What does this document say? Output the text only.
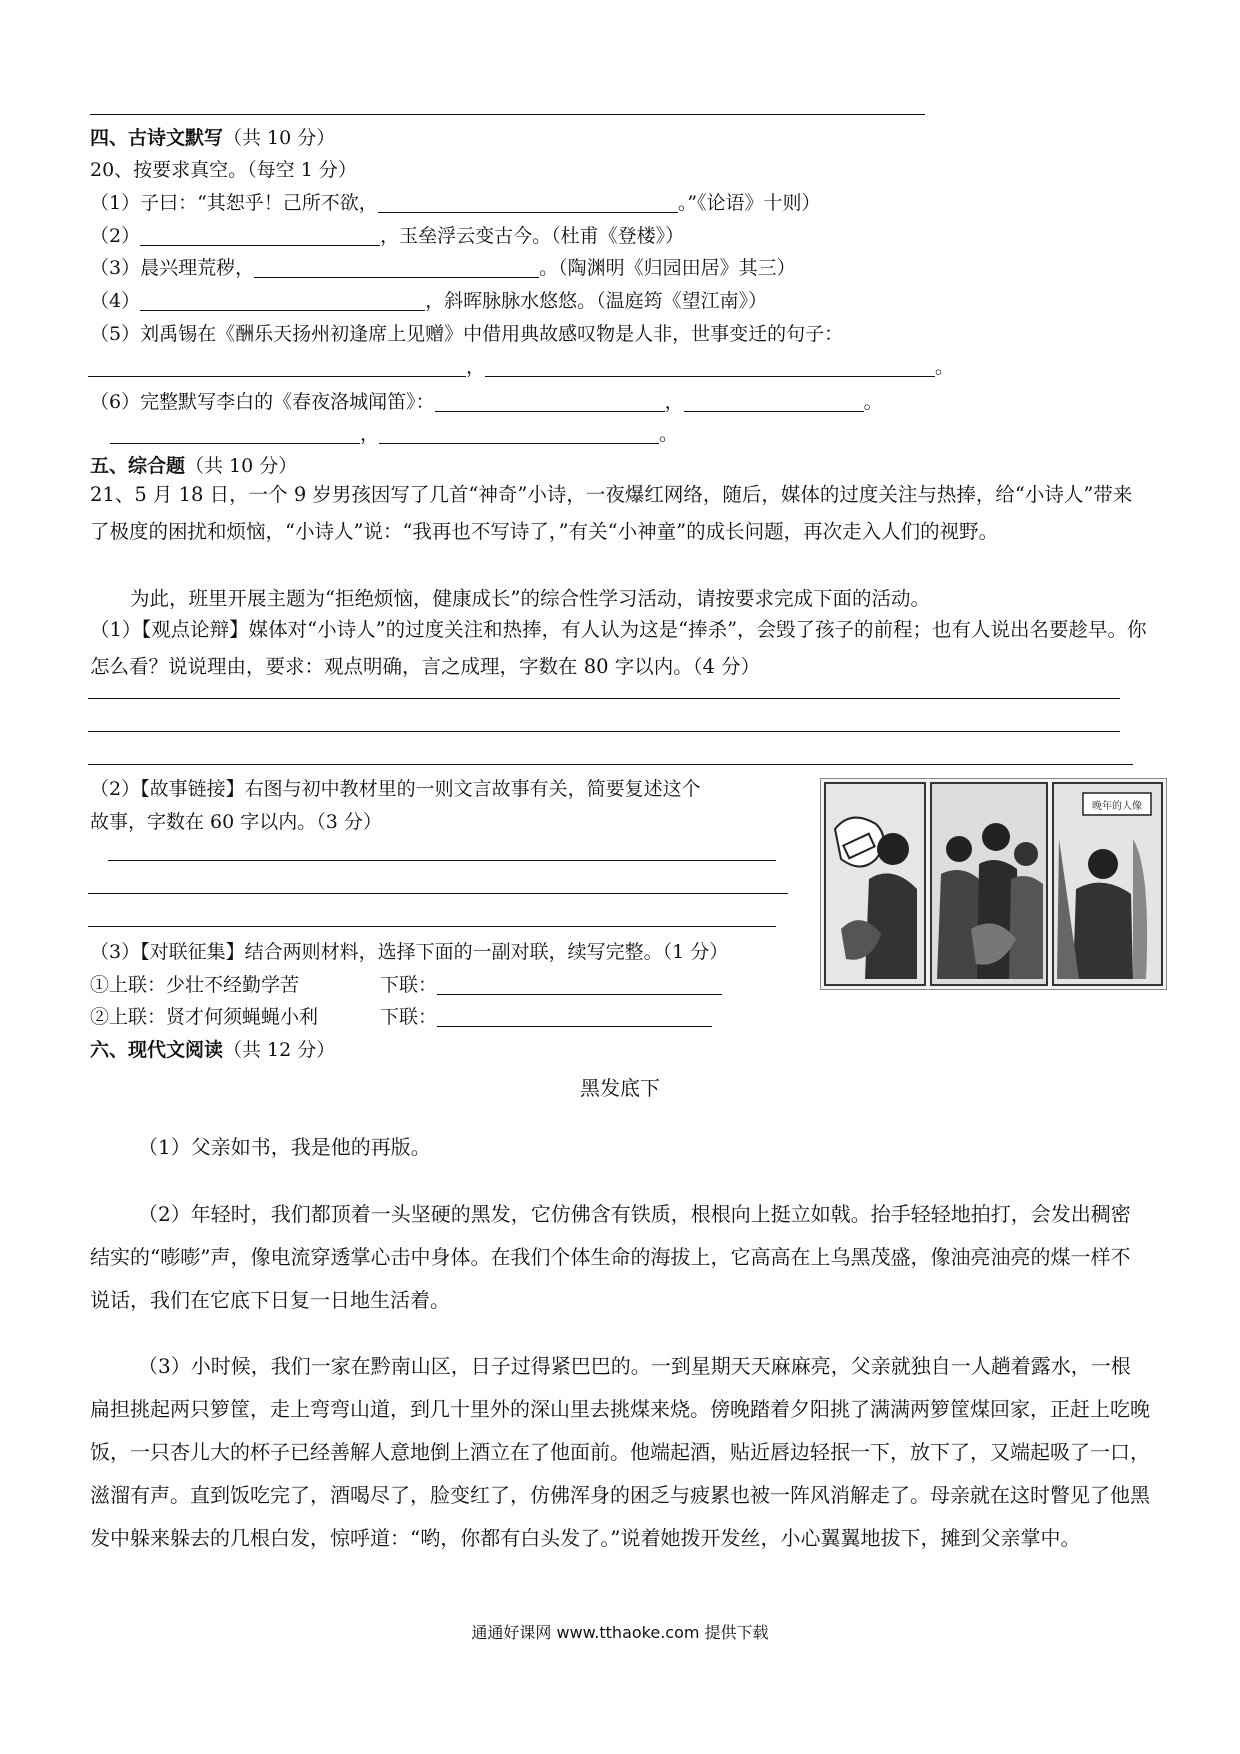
四、古诗文默写（共 10 分）
20、按要求真空。（每空 1 分）
（1）子曰：“其恕乎！己所不欲，	。”《论语》十则）
（2）	，玉垒浮云变古今。（杜甫《登楼》）
（3）晨兴理荒秽，	。（陶渊明《归园田居》其三）
（4）	，斜晖脉脉水悠悠。（温庭筠《望江南》）
（5）刘禹锡在《酬乐天扬州初逢席上见赠》中借用典故感叹物是人非，世事变迁的句子：
，	。
（6）完整默写李白的《春夜洛城闻笛》：	，	。
，	。
五、综合题（共 10 分）
21、5 月 18 日，一个 9 岁男孩因写了几首“神奇”小诗，一夜爆红网络，随后，媒体的过度关注与热捧，给“小诗人”带来了极度的困扰和烦恼，“小诗人”说：“我再也不写诗了，”有关“小神童”的成长问题，再次走入人们的视野。
为此，班里开展主题为“拒绝烦恼，健康成长”的综合性学习活动，请按要求完成下面的活动。
（1）【观点论辩】媒体对“小诗人”的过度关注和热捧，有人认为这是“捧杀”，会毁了孩子的前程；也有人说出名要趁早。你怎么看？说说理由，要求：观点明确，言之成理，字数在 80 字以内。（4 分）
（2）【故事链接】右图与初中教材里的一则文言故事有关，简要复述这个
故事，字数在 60 字以内。（3 分）
晚年的人像
（3）【对联征集】结合两则材料，选择下面的一副对联，续写完整。（1 分）
①上联：少壮不经勤学苦	下联：
②上联：贤才何须蝇蝇小利	下联：
六、现代文阅读（共 12 分）
黑发底下
（1）父亲如书，我是他的再版。
（2）年轻时，我们都顶着一头坚硬的黑发，它仿佛含有铁质，根根向上挺立如戟。抬手轻轻地拍打，会发出稠密结实的“嘭嘭”声，像电流穿透掌心击中身体。在我们个体生命的海拔上，它高高在上乌黑茂盛，像油亮油亮的煤一样不说话，我们在它底下日复一日地生活着。
（3）小时候，我们一家在黔南山区，日子过得紧巴巴的。一到星期天天麻麻亮，父亲就独自一人趟着露水，一根扁担挑起两只箩筐，走上弯弯山道，到几十里外的深山里去挑煤来烧。傍晚踏着夕阳挑了满满两箩筐煤回家，正赶上吃晚饭，一只杏儿大的杯子已经善解人意地倒上酒立在了他面前。他端起酒，贴近唇边轻抿一下，放下了，又端起吸了一口，滋溜有声。直到饭吃完了，酒喝尽了，脸变红了，仿佛浑身的困乏与疲累也被一阵风消解走了。母亲就在这时瞥见了他黑发中躲来躲去的几根白发，惊呼道：“哟，你都有白头发了。”说着她拨开发丝，小心翼翼地拔下，摊到父亲掌中。
通通好课网 www.tthaoke.com 提供下载
